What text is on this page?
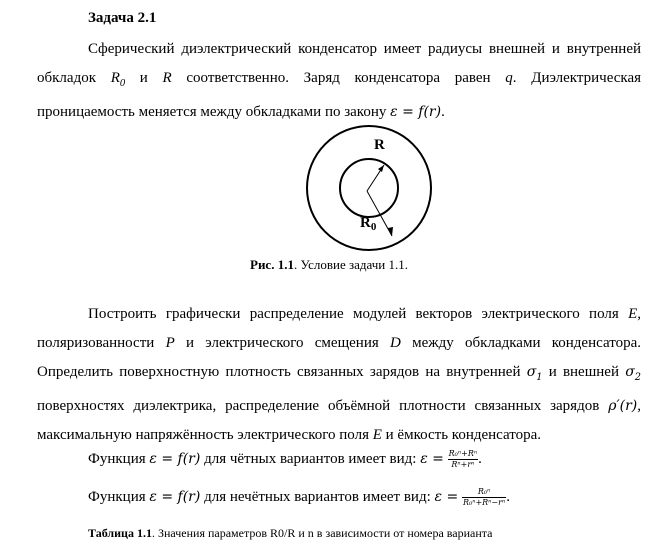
Задача 2.1
Сферический диэлектрический конденсатор имеет радиусы внешней и внутренней обкладок $R_0$ и R соответственно. Заряд конденсатора равен q. Диэлектрическая проницаемость меняется между обкладками по закону ε = f(r).
R
$R_0$
Рис. 1.1. Условие задачи 1.1.
Построить графически распределение модулей векторов электрического поля E, поляризованности P и электрического смещения D между обкладками конденсатора. Определить поверхностную плотность связанных зарядов на внутренней $\sigma_1$ и внешней $\sigma_2$ поверхностях диэлектрика, распределение объёмной плотности связанных зарядов ρ′(r), максимальную напряжённость электрического поля E и ёмкость конденсатора.
Функция ε = f(r) для чётных вариантов имеет вид: $\varepsilon = \frac{\text{R₀ⁿ+Rⁿ}}{\text{Rⁿ+rⁿ}}$ .
Функция ε = f(r) для нечётных вариантов имеет вид: $\varepsilon = \frac{\text{R₀ⁿ}}{\text{R₀ⁿ+Rⁿ−rⁿ}}$ .
Таблица 1.1. Значения параметров R0/R и n в зависимости от номера варианта
